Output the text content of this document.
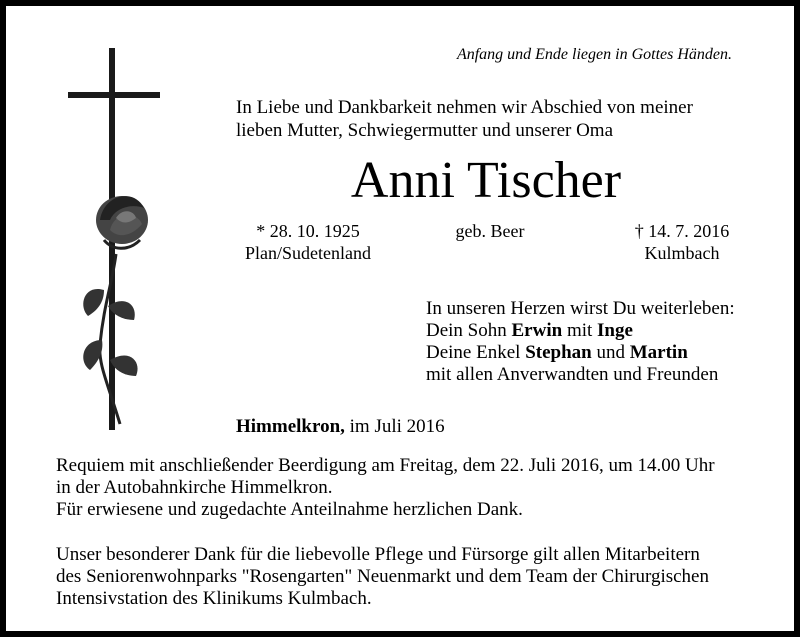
Anfang und Ende liegen in Gottes Händen.
In Liebe und Dankbarkeit nehmen wir Abschied von meiner
lieben Mutter, Schwiegermutter und unserer Oma
Anni Tischer
* 28. 10. 1925
Plan/Sudetenland
geb. Beer	† 14. 7. 2016
Kulmbach
In unseren Herzen wirst Du weiterleben:
Dein Sohn Erwin mit Inge
Deine Enkel Stephan und Martin
mit allen Anverwandten und Freunden
Himmelkron, im Juli 2016
Requiem mit anschließender Beerdigung am Freitag, dem 22. Juli 2016, um 14.00 Uhr
in der Autobahnkirche Himmelkron.
Für erwiesene und zugedachte Anteilnahme herzlichen Dank.
Unser besonderer Dank für die liebevolle Pflege und Fürsorge gilt allen Mitarbeitern
des Seniorenwohnparks "Rosengarten" Neuenmarkt und dem Team der Chirurgischen
Intensivstation des Klinikums Kulmbach.
